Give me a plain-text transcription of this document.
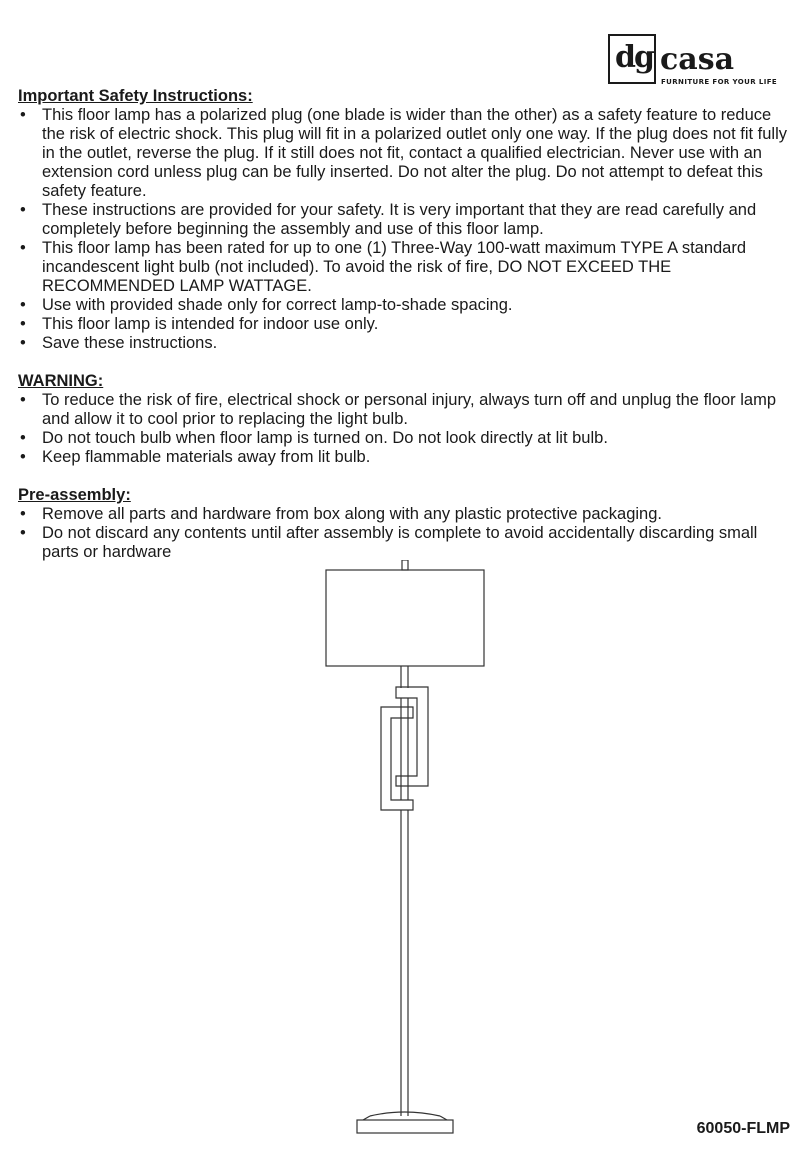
dg casa
FURNITURE FOR YOUR LIFE
Important Safety Instructions:
• This floor lamp has a polarized plug (one blade is wider than the other) as a safety feature to reduce the risk of electric shock. This plug will fit in a polarized outlet only one way. If the plug does not fit fully in the outlet, reverse the plug. If it still does not fit, contact a qualified electrician. Never use with an extension cord unless plug can be fully inserted. Do not alter the plug. Do not attempt to defeat this safety feature.
• These instructions are provided for your safety. It is very important that they are read carefully and completely before beginning the assembly and use of this floor lamp.
• This floor lamp has been rated for up to one (1) Three-Way 100-watt maximum TYPE A standard incandescent light bulb (not included). To avoid the risk of fire, DO NOT EXCEED THE RECOMMENDED LAMP WATTAGE.
• Use with provided shade only for correct lamp-to-shade spacing.
• This floor lamp is intended for indoor use only.
• Save these instructions.
WARNING:
• To reduce the risk of fire, electrical shock or personal injury, always turn off and unplug the floor lamp and allow it to cool prior to replacing the light bulb.
• Do not touch bulb when floor lamp is turned on. Do not look directly at lit bulb.
• Keep flammable materials away from lit bulb.
Pre-assembly:
• Remove all parts and hardware from box along with any plastic protective packaging.
• Do not discard any contents until after assembly is complete to avoid accidentally discarding small parts or hardware
60050-FLMP
